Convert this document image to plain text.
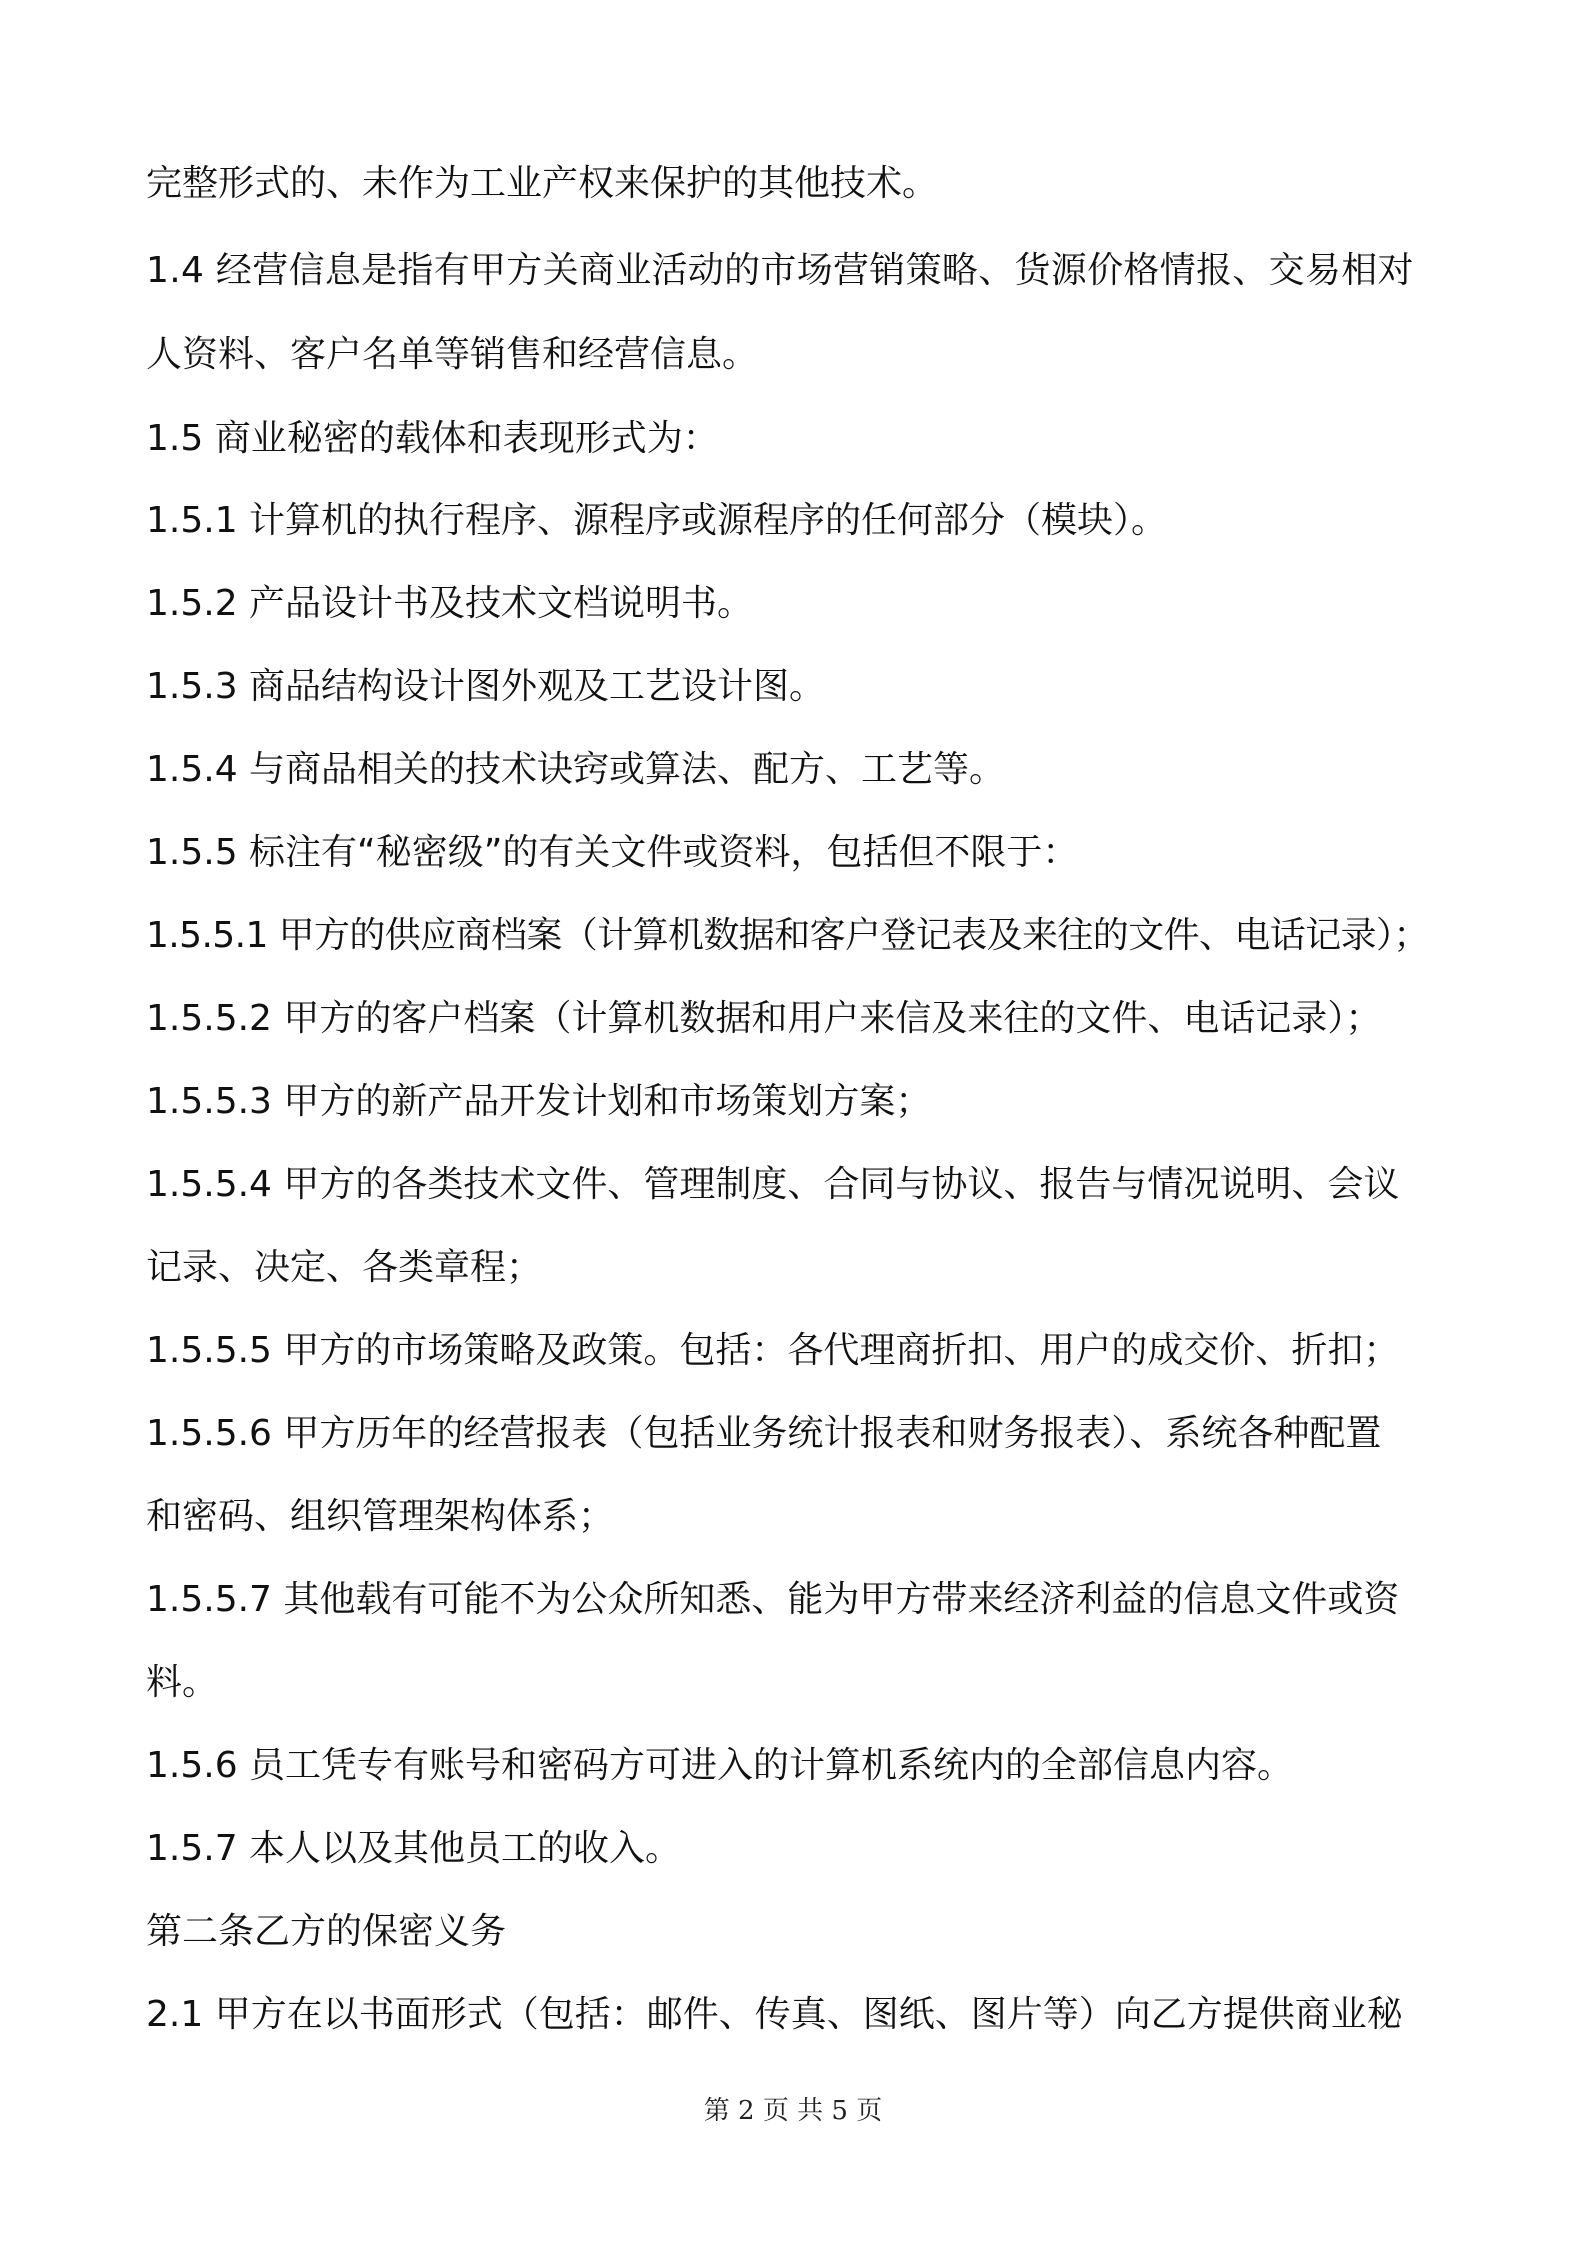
完整形式的、未作为工业产权来保护的其他技术。
1.4 经营信息是指有甲方关商业活动的市场营销策略、货源价格情报、交易相对
人资料、客户名单等销售和经营信息。
1.5 商业秘密的载体和表现形式为：
1.5.1 计算机的执行程序、源程序或源程序的任何部分（模块）。
1.5.2 产品设计书及技术文档说明书。
1.5.3 商品结构设计图外观及工艺设计图。
1.5.4 与商品相关的技术诀窍或算法、配方、工艺等。
1.5.5 标注有“秘密级”的有关文件或资料，包括但不限于：
1.5.5.1 甲方的供应商档案（计算机数据和客户登记表及来往的文件、电话记录）；
1.5.5.2 甲方的客户档案（计算机数据和用户来信及来往的文件、电话记录）；
1.5.5.3 甲方的新产品开发计划和市场策划方案；
1.5.5.4 甲方的各类技术文件、管理制度、合同与协议、报告与情况说明、会议
记录、决定、各类章程；
1.5.5.5 甲方的市场策略及政策。包括：各代理商折扣、用户的成交价、折扣；
1.5.5.6 甲方历年的经营报表（包括业务统计报表和财务报表）、系统各种配置
和密码、组织管理架构体系；
1.5.5.7 其他载有可能不为公众所知悉、能为甲方带来经济利益的信息文件或资
料。
1.5.6 员工凭专有账号和密码方可进入的计算机系统内的全部信息内容。
1.5.7 本人以及其他员工的收入。
第二条乙方的保密义务
2.1 甲方在以书面形式（包括：邮件、传真、图纸、图片等）向乙方提供商业秘
第 2 页 共 5 页
